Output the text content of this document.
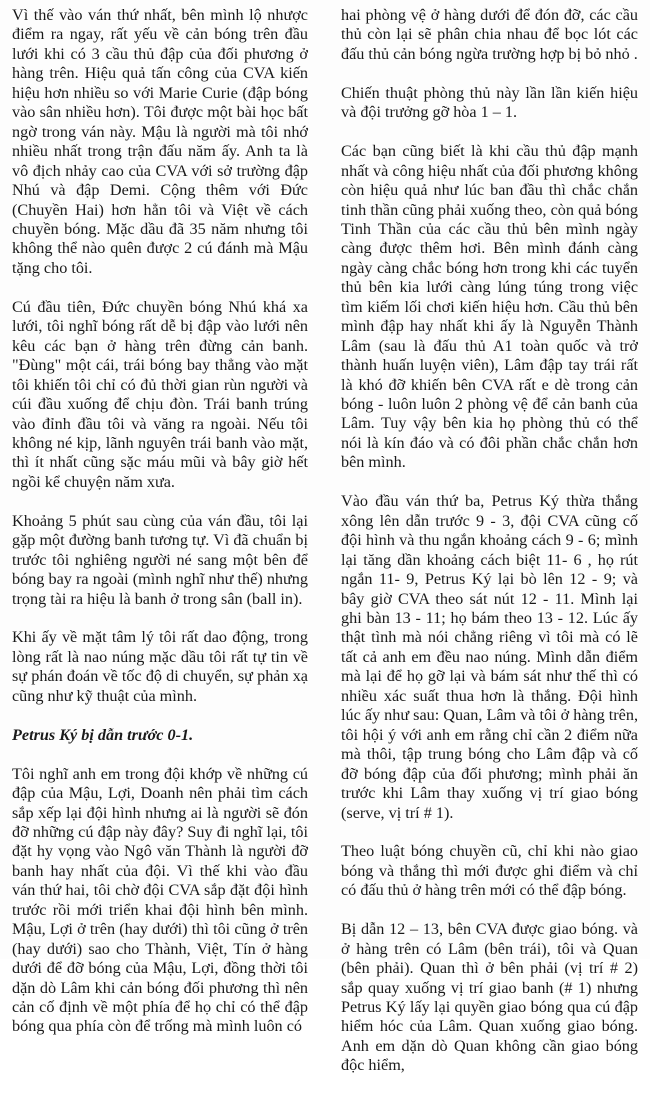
Vì thế vào ván thứ nhất, bên mình lộ nhược điểm ra ngay, rất yếu về cản bóng trên đầu lưới khi có 3 cầu thủ đập của đối phương ở hàng trên. Hiệu quả tấn công của CVA kiến hiệu hơn nhiều so với Marie Curie (đập bóng vào sân nhiều hơn). Tôi được một bài học bất ngờ trong ván này. Mậu là người mà tôi nhớ nhiều nhất trong trận đấu năm ấy. Anh ta là vô địch nhảy cao của CVA với sở trường đập Nhú và đập Demi. Cộng thêm với Đức (Chuyền Hai) hơn hẳn tôi và Việt về cách chuyền bóng. Mặc dầu đã 35 năm nhưng tôi không thể nào quên được 2 cú đánh mà Mậu tặng cho tôi.

Cú đầu tiên, Đức chuyền bóng Nhú khá xa lưới, tôi nghĩ bóng rất dễ bị đập vào lưới nên kêu các bạn ở hàng trên đừng cản banh. "Đùng" một cái, trái bóng bay thẳng vào mặt tôi khiến tôi chỉ có đủ thời gian rùn người và cúi đầu xuống để chịu đòn. Trái banh trúng vào đỉnh đầu tôi và văng ra ngoài. Nếu tôi không né kịp, lãnh nguyên trái banh vào mặt, thì ít nhất cũng sặc máu mũi và bây giờ hết ngồi kể chuyện năm xưa.

Khoảng 5 phút sau cùng của ván đầu, tôi lại gặp một đường banh tương tự. Vì đã chuẩn bị trước tôi nghiêng người né sang một bên để bóng bay ra ngoài (mình nghĩ như thế) nhưng trọng tài ra hiệu là banh ở trong sân (ball in).

Khi ấy về mặt tâm lý tôi rất dao động, trong lòng rất là nao núng mặc dầu tôi rất tự tin về sự phán đoán về tốc độ di chuyển, sự phản xạ cũng như kỹ thuật của mình.

Petrus Ký bị dẫn trước 0-1.

Tôi nghĩ anh em trong đội khớp về những cú đập của Mậu, Lợi, Doanh nên phải tìm cách sắp xếp lại đội hình nhưng ai là người sẽ đón đỡ những cú đập này đây? Suy đi nghĩ lại, tôi đặt hy vọng vào Ngô văn Thành là người đỡ banh hay nhất của đội. Vì thế khi vào đầu ván thứ hai, tôi chờ đội CVA sắp đặt đội hình trước rồi mới triển khai đội hình bên mình. Mậu, Lợi ở trên (hay dưới) thì tôi cũng ở trên (hay dưới) sao cho Thành, Việt, Tín ở hàng dưới để đỡ bóng của Mậu, Lợi, đồng thời tôi dặn dò Lâm khi cản bóng đối phương thì nên cản cố định về một phía để họ chỉ có thể đập bóng qua phía còn để trống mà mình luôn có

hai phòng vệ ở hàng dưới để đón đỡ, các cầu thủ còn lại sẽ phân chia nhau để bọc lót các đấu thủ cản bóng ngừa trường hợp bị bỏ nhỏ .

Chiến thuật phòng thủ này lần lần kiến hiệu và đội trưởng gỡ hòa 1 – 1.

Các bạn cũng biết là khi cầu thủ đập mạnh nhất và công hiệu nhất của đối phương không còn hiệu quả như lúc ban đầu thì chắc chắn tinh thần cũng phải xuống theo, còn quả bóng Tinh Thần của các cầu thủ bên mình ngày càng được thêm hơi. Bên mình đánh càng ngày càng chắc bóng hơn trong khi các tuyển thủ bên kia lưới càng lúng túng trong việc tìm kiếm lối chơi kiến hiệu hơn. Cầu thủ bên mình đập hay nhất khi ấy là Nguyễn Thành Lâm (sau là đấu thủ A1 toàn quốc và trở thành huấn luyện viên), Lâm đập tay trái rất là khó đỡ khiến bên CVA rất e dè trong cản bóng - luôn luôn 2 phòng vệ để cản banh của Lâm. Tuy vậy bên kia họ phòng thủ có thể nói là kín đáo và có đôi phần chắc chắn hơn bên mình.

Vào đầu ván thứ ba, Petrus Ký thừa thắng xông lên dẫn trước 9 - 3, đội CVA cũng cố đội hình và thu ngắn khoảng cách 9 - 6; mình lại tăng dần khoảng cách biệt 11- 6 , họ rút ngắn 11- 9, Petrus Ký lại bò lên 12 - 9; và bây giờ CVA theo sát nút 12 - 11. Mình lại ghi bàn 13 - 11; họ bám theo 13 - 12. Lúc ấy thật tình mà nói chẳng riêng vì tôi mà có lẽ tất cả anh em đều nao núng. Mình dẫn điểm mà lại để họ gỡ lại và bám sát như thế thì có nhiều xác suất thua hơn là thắng. Đội hình lúc ấy như sau: Quan, Lâm và tôi ở hàng trên, tôi hội ý với anh em rằng chỉ cần 2 điểm nữa mà thôi, tập trung bóng cho Lâm đập và cố đỡ bóng đập của đối phương; mình phải ăn trước khi Lâm thay xuống vị trí giao bóng (serve, vị trí # 1).

Theo luật bóng chuyền cũ, chỉ khi nào giao bóng và thắng thì mới được ghi điểm và chỉ có đấu thủ ở hàng trên mới có thể đập bóng.

Bị dẫn 12 – 13, bên CVA được giao bóng. và ở hàng trên có Lâm (bên trái), tôi và Quan (bên phải). Quan thì ở bên phải (vị trí # 2) sắp quay xuống vị trí giao banh (# 1) nhưng Petrus Ký lấy lại quyền giao bóng qua cú đập hiểm hóc của Lâm. Quan xuống giao bóng. Anh em dặn dò Quan không cần giao bóng độc hiểm,
